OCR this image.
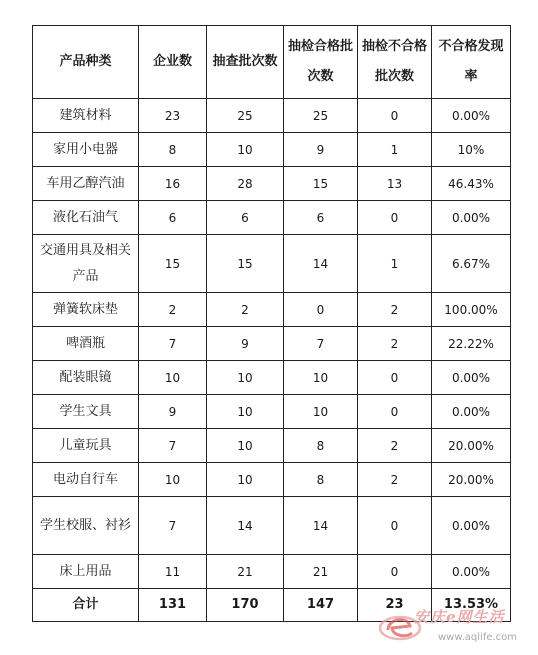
产品种类	企业数	抽查批次数	抽检合格批次数	抽检不合格批次数	不合格发现率
建筑材料	23	25	25	0	0.00%
家用小电器	8	10	9	1	10%
车用乙醇汽油	16	28	15	13	46.43%
液化石油气	6	6	6	0	0.00%
交通用具及相关产品	15	15	14	1	6.67%
弹簧软床垫	2	2	0	2	100.00%
啤酒瓶	7	9	7	2	22.22%
配装眼镜	10	10	10	0	0.00%
学生文具	9	10	10	0	0.00%
儿童玩具	7	10	8	2	20.00%
电动自行车	10	10	8	2	20.00%
学生校服、衬衫	7	14	14	0	0.00%
床上用品	11	21	21	0	0.00%
合计	131	170	147	23	13.53%
安庆e网生活
www.aqlife.com
